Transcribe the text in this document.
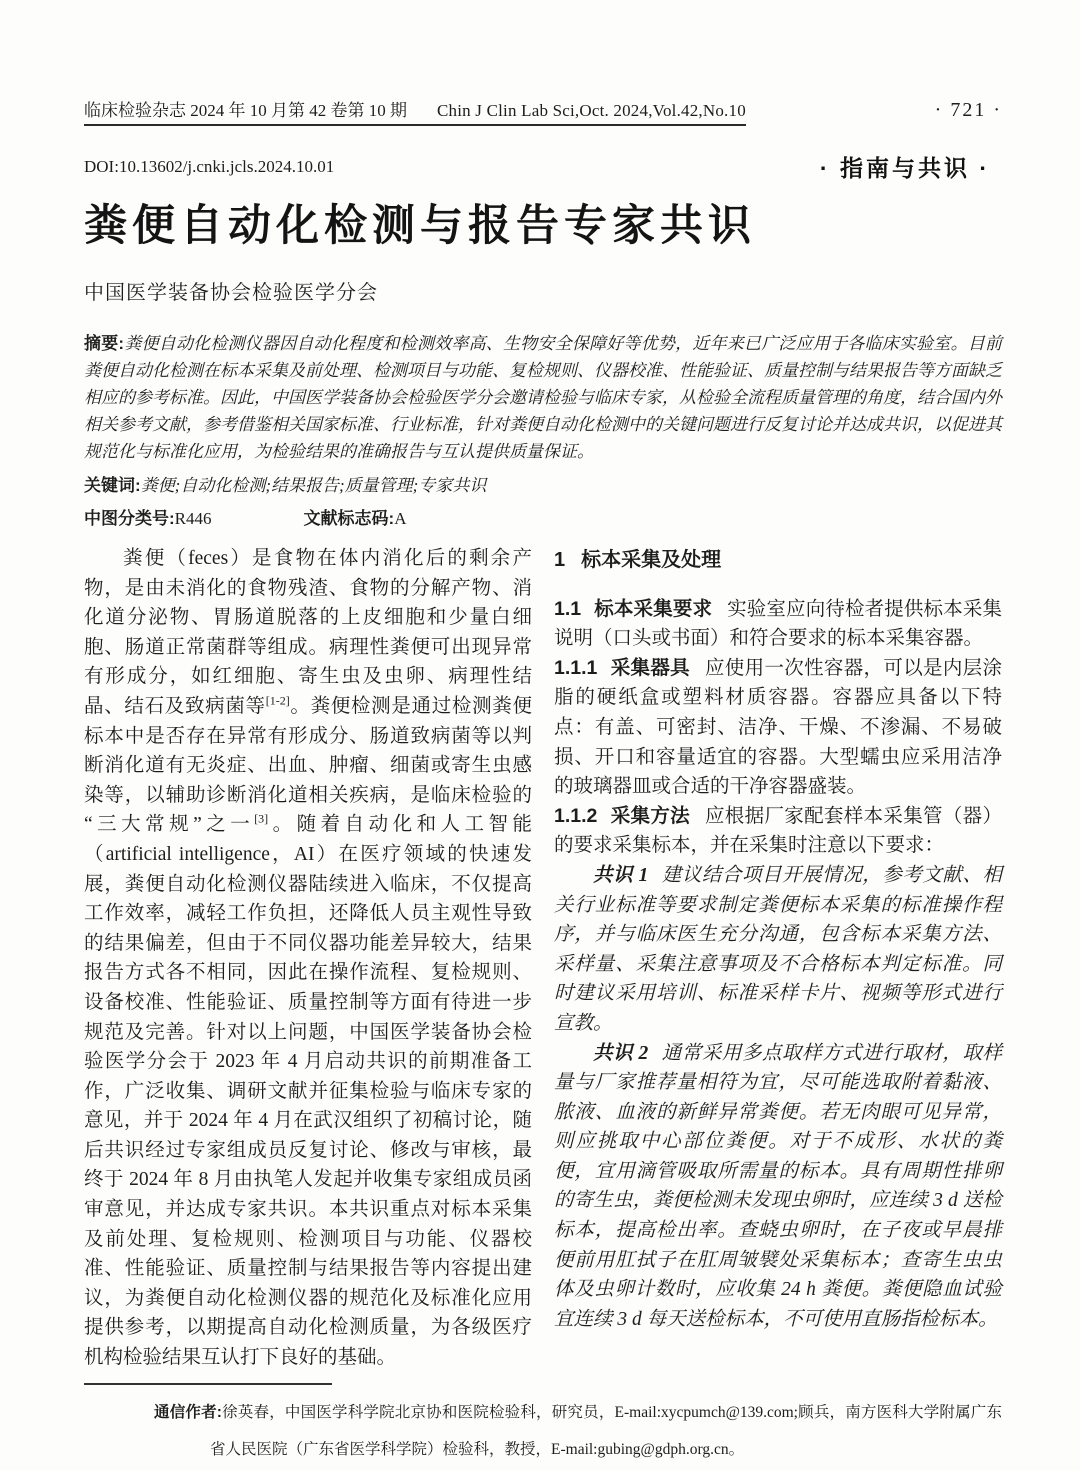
临床检验杂志 2024 年 10 月第 42 卷第 10 期 Chin J Clin Lab Sci,Oct. 2024,Vol.42,No.10	· 721 ·
DOI:10.13602/j.cnki.jcls.2024.10.01	· 指南与共识 ·
粪便自动化检测与报告专家共识
中国医学装备协会检验医学分会

摘要:粪便自动化检测仪器因自动化程度和检测效率高、生物安全保障好等优势，近年来已广泛应用于各临床实验室。目前粪便自动化检测在标本采集及前处理、检测项目与功能、复检规则、仪器校准、性能验证、质量控制与结果报告等方面缺乏相应的参考标准。因此，中国医学装备协会检验医学分会邀请检验与临床专家，从检验全流程质量管理的角度，结合国内外相关参考文献，参考借鉴相关国家标准、行业标准，针对粪便自动化检测中的关键问题进行反复讨论并达成共识，以促进其规范化与标准化应用，为检验结果的准确报告与互认提供质量保证。

关键词:粪便;自动化检测;结果报告;质量管理;专家共识

中图分类号:R446	文献标志码:A

粪便（feces）是食物在体内消化后的剩余产物，是由未消化的食物残渣、食物的分解产物、消化道分泌物、胃肠道脱落的上皮细胞和少量白细胞、肠道正常菌群等组成。病理性粪便可出现异常有形成分，如红细胞、寄生虫及虫卵、病理性结晶、结石及致病菌等[1-2]。粪便检测是通过检测粪便标本中是否存在异常有形成分、肠道致病菌等以判断消化道有无炎症、出血、肿瘤、细菌或寄生虫感染等，以辅助诊断消化道相关疾病，是临床检验的“三大常规”之一[3]。随着自动化和人工智能（artificial intelligence，AI）在医疗领域的快速发展，粪便自动化检测仪器陆续进入临床，不仅提高工作效率，减轻工作负担，还降低人员主观性导致的结果偏差，但由于不同仪器功能差异较大，结果报告方式各不相同，因此在操作流程、复检规则、设备校准、性能验证、质量控制等方面有待进一步规范及完善。针对以上问题，中国医学装备协会检验医学分会于 2023 年 4 月启动共识的前期准备工作，广泛收集、调研文献并征集检验与临床专家的意见，并于 2024 年 4 月在武汉组织了初稿讨论，随后共识经过专家组成员反复讨论、修改与审核，最终于 2024 年 8 月由执笔人发起并收集专家组成员函审意见，并达成专家共识。本共识重点对标本采集及前处理、复检规则、检测项目与功能、仪器校准、性能验证、质量控制与结果报告等内容提出建议，为粪便自动化检测仪器的规范化及标准化应用提供参考，以期提高自动化检测质量，为各级医疗机构检验结果互认打下良好的基础。

1 标本采集及处理

1.1 标本采集要求 实验室应向待检者提供标本采集说明（口头或书面）和符合要求的标本采集容器。

1.1.1 采集器具 应使用一次性容器，可以是内层涂脂的硬纸盒或塑料材质容器。容器应具备以下特点：有盖、可密封、洁净、干燥、不渗漏、不易破损、开口和容量适宜的容器。大型蠕虫应采用洁净的玻璃器皿或合适的干净容器盛装。

1.1.2 采集方法 应根据厂家配套样本采集管（器）的要求采集标本，并在采集时注意以下要求：

共识 1 建议结合项目开展情况，参考文献、相关行业标准等要求制定粪便标本采集的标准操作程序，并与临床医生充分沟通，包含标本采集方法、采样量、采集注意事项及不合格标本判定标准。同时建议采用培训、标准采样卡片、视频等形式进行宣教。

共识 2 通常采用多点取样方式进行取材，取样量与厂家推荐量相符为宜，尽可能选取附着黏液、脓液、血液的新鲜异常粪便。若无肉眼可见异常，则应挑取中心部位粪便。对于不成形、水状的粪便，宜用滴管吸取所需量的标本。具有周期性排卵的寄生虫，粪便检测未发现虫卵时，应连续 3 d 送检标本，提高检出率。查蛲虫卵时，在子夜或早晨排便前用肛拭子在肛周皱襞处采集标本；查寄生虫虫体及虫卵计数时，应收集 24 h 粪便。粪便隐血试验宜连续 3 d 每天送检标本，不可使用直肠指检标本。

通信作者:徐英春，中国医学科学院北京协和医院检验科，研究员，E-mail:xycpumch@139.com;顾兵，南方医科大学附属广东省人民医院（广东省医学科学院）检验科，教授，E-mail:gubing@gdph.org.cn。
